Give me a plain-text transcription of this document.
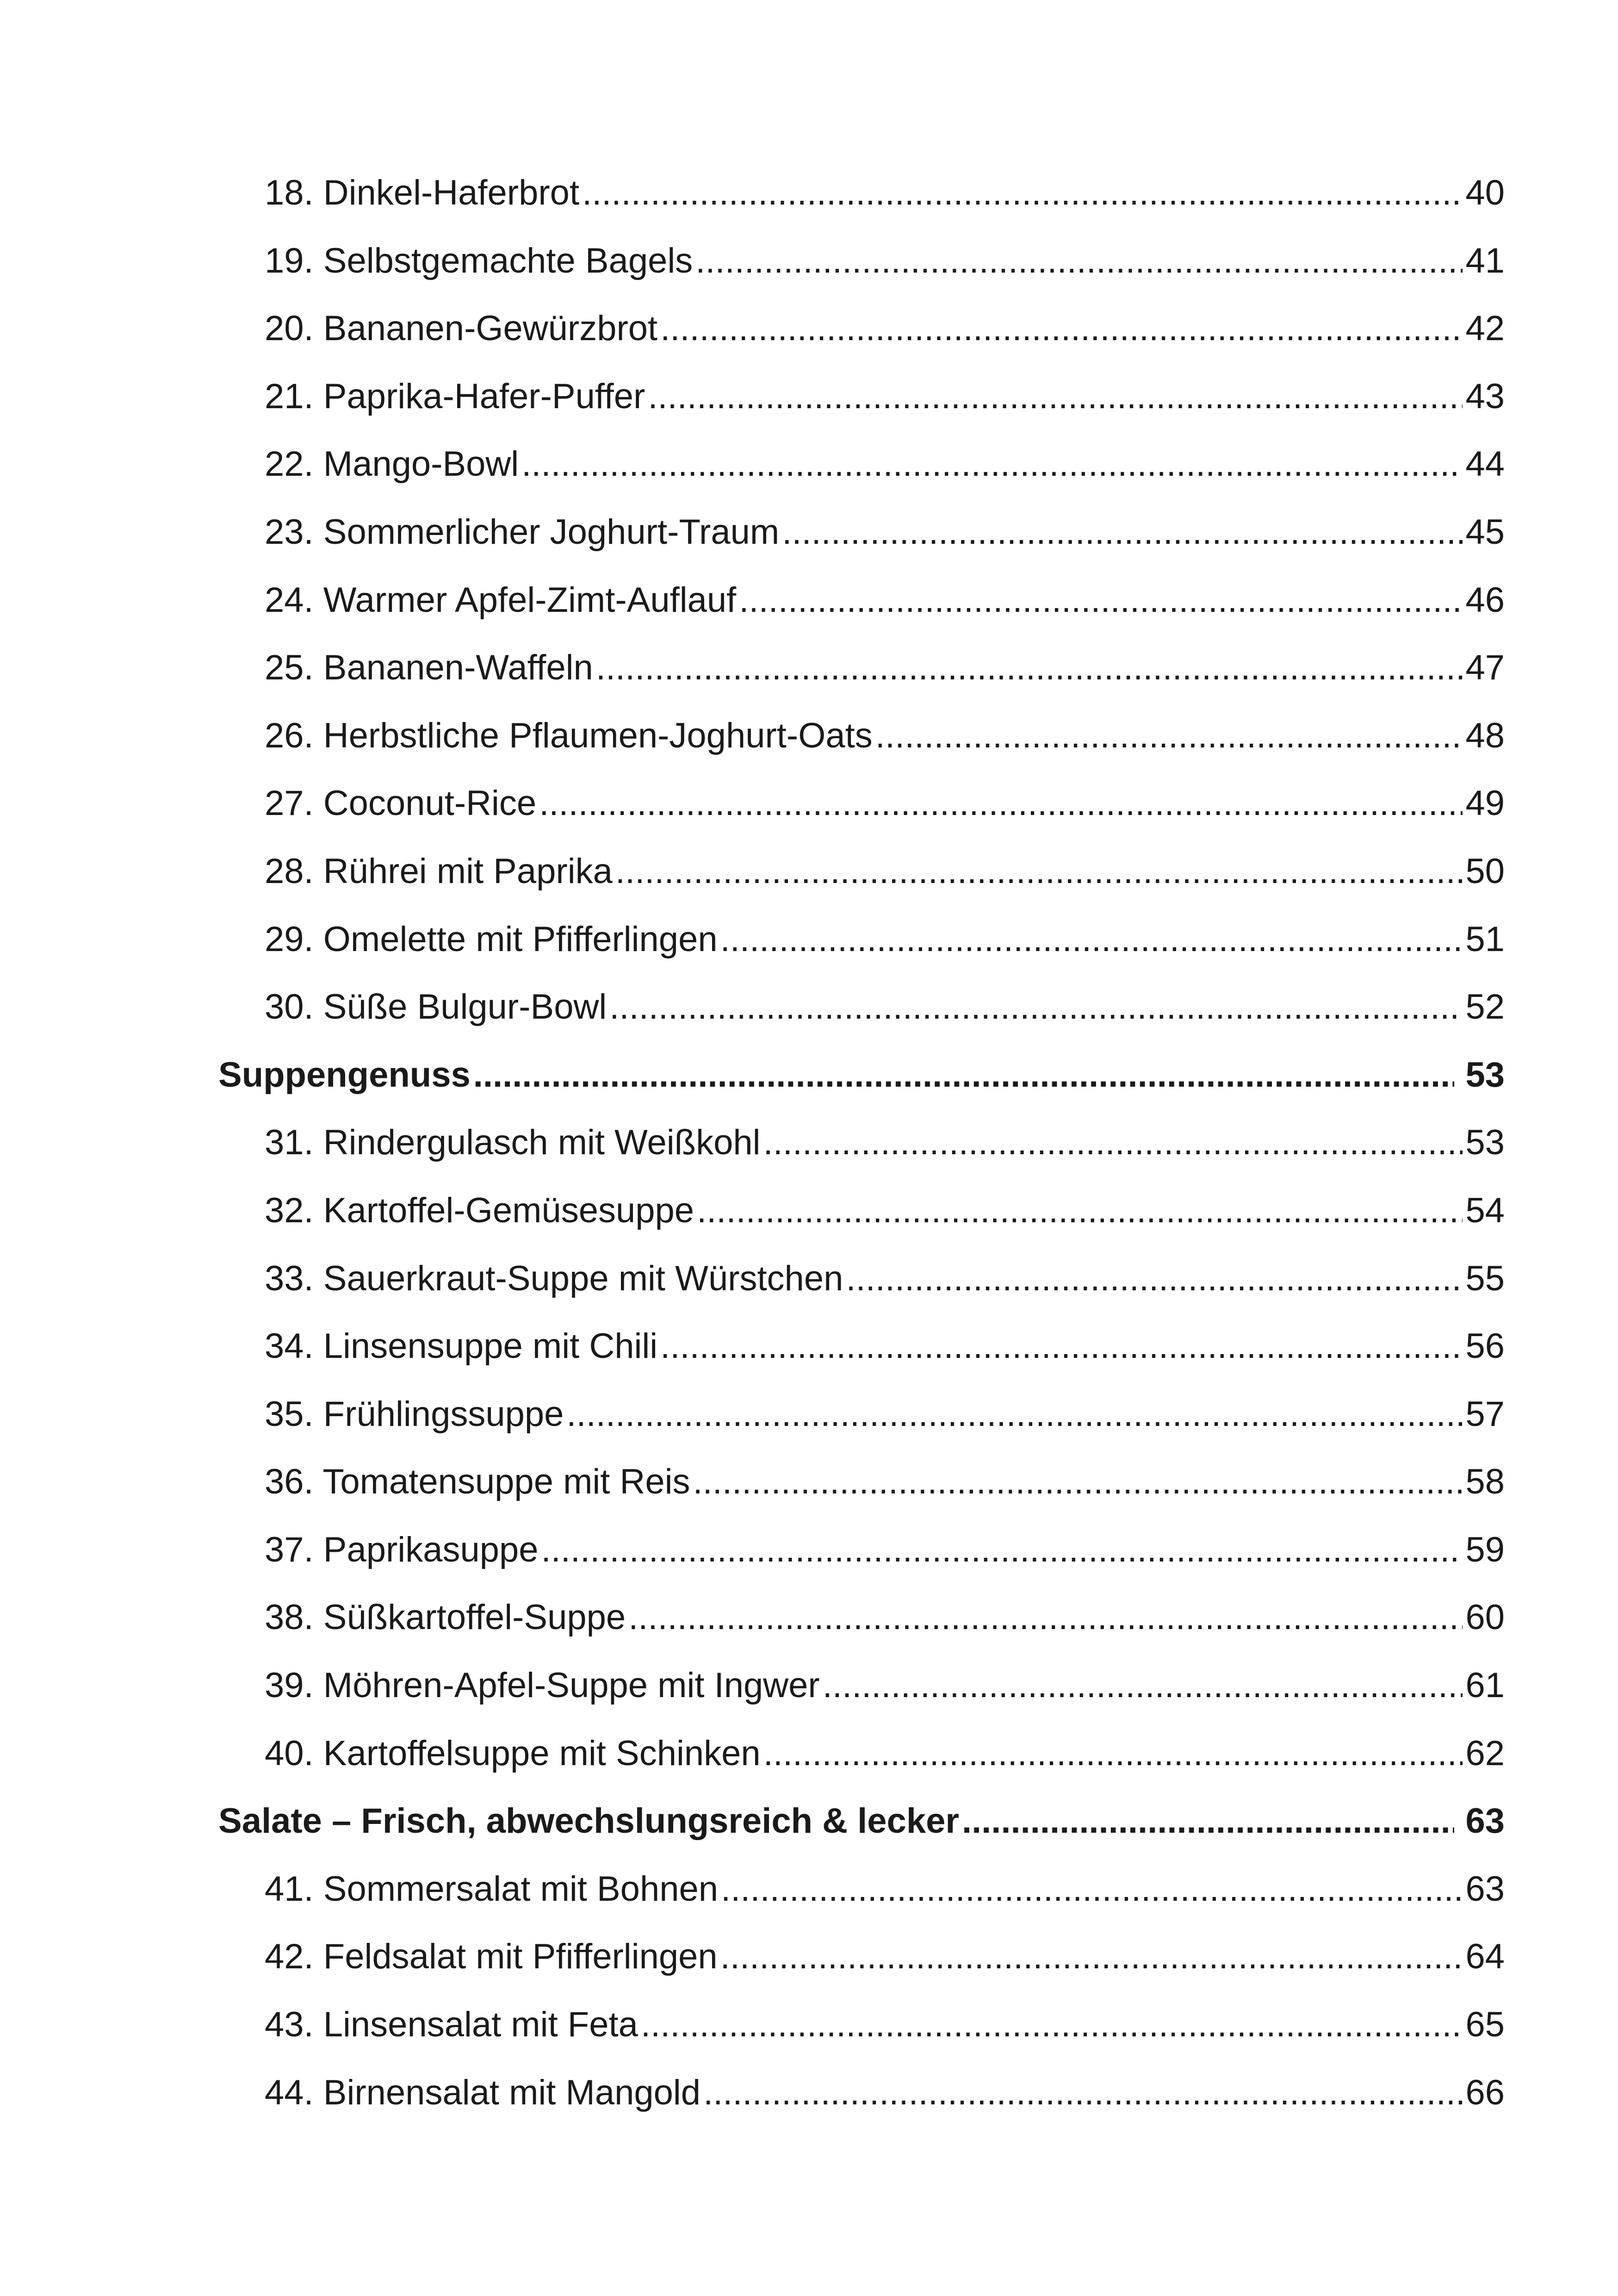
18. Dinkel-Haferbrot .....	40
19. Selbstgemachte Bagels .....	41
20. Bananen-Gewürzbrot .....	42
21. Paprika-Hafer-Puffer .....	43
22. Mango-Bowl .....	44
23. Sommerlicher Joghurt-Traum .....	45
24. Warmer Apfel-Zimt-Auflauf .....	46
25. Bananen-Waffeln .....	47
26. Herbstliche Pflaumen-Joghurt-Oats .....	48
27. Coconut-Rice .....	49
28. Rührei mit Paprika .....	50
29. Omelette mit Pfifferlingen .....	51
30. Süße Bulgur-Bowl .....	52
Suppengenuss .....	53
31. Rindergulasch mit Weißkohl .....	53
32. Kartoffel-Gemüsesuppe .....	54
33. Sauerkraut-Suppe mit Würstchen .....	55
34. Linsensuppe mit Chili .....	56
35. Frühlingssuppe .....	57
36. Tomatensuppe mit Reis .....	58
37. Paprikasuppe .....	59
38. Süßkartoffel-Suppe .....	60
39. Möhren-Apfel-Suppe mit Ingwer .....	61
40. Kartoffelsuppe mit Schinken .....	62
Salate – Frisch, abwechslungsreich & lecker .....	63
41. Sommersalat mit Bohnen .....	63
42. Feldsalat mit Pfifferlingen .....	64
43. Linsensalat mit Feta .....	65
44. Birnensalat mit Mangold .....	66
